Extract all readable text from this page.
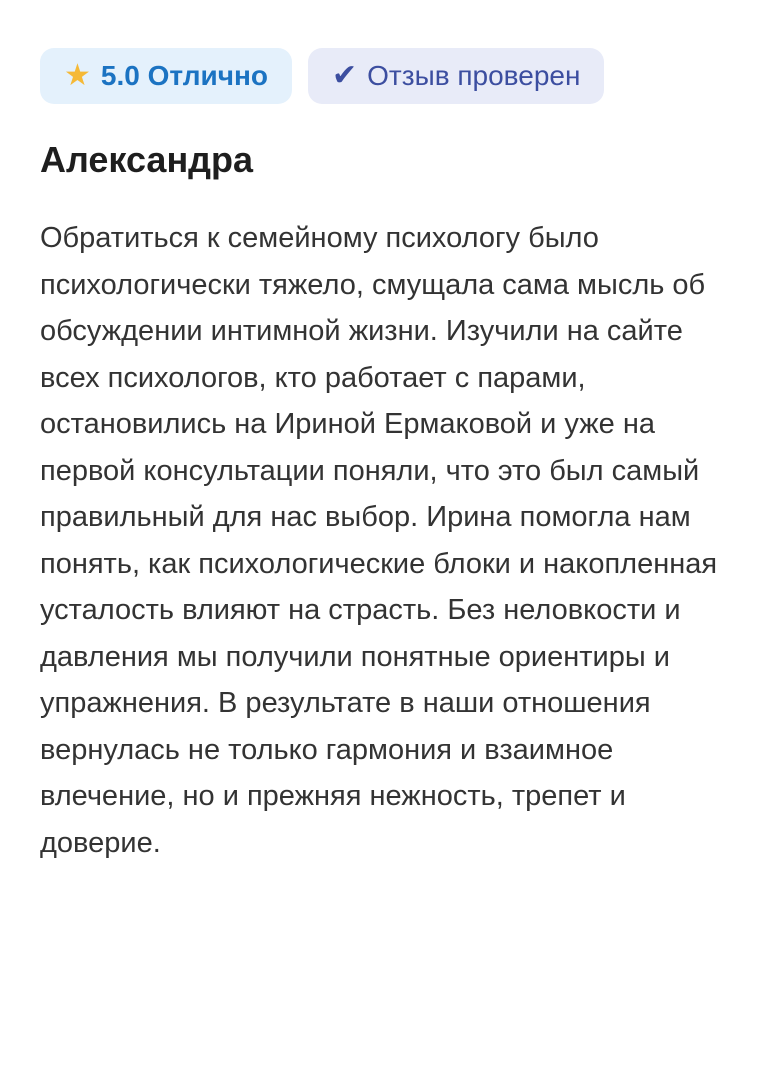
★ 5.0 Отлично ✔ Отзыв проверен
Александра

Обратиться к семейному психологу было психологически тяжело, смущала сама мысль об обсуждении интимной жизни. Изучили на сайте всех психологов, кто работает с парами, остановились на Ириной Ермаковой и уже на первой консультации поняли, что это был самый правильный для нас выбор. Ирина помогла нам понять, как психологические блоки и накопленная усталость влияют на страсть. Без неловкости и давления мы получили понятные ориентиры и упражнения. В результате в наши отношения вернулась не только гармония и взаимное влечение, но и прежняя нежность, трепет и доверие.
